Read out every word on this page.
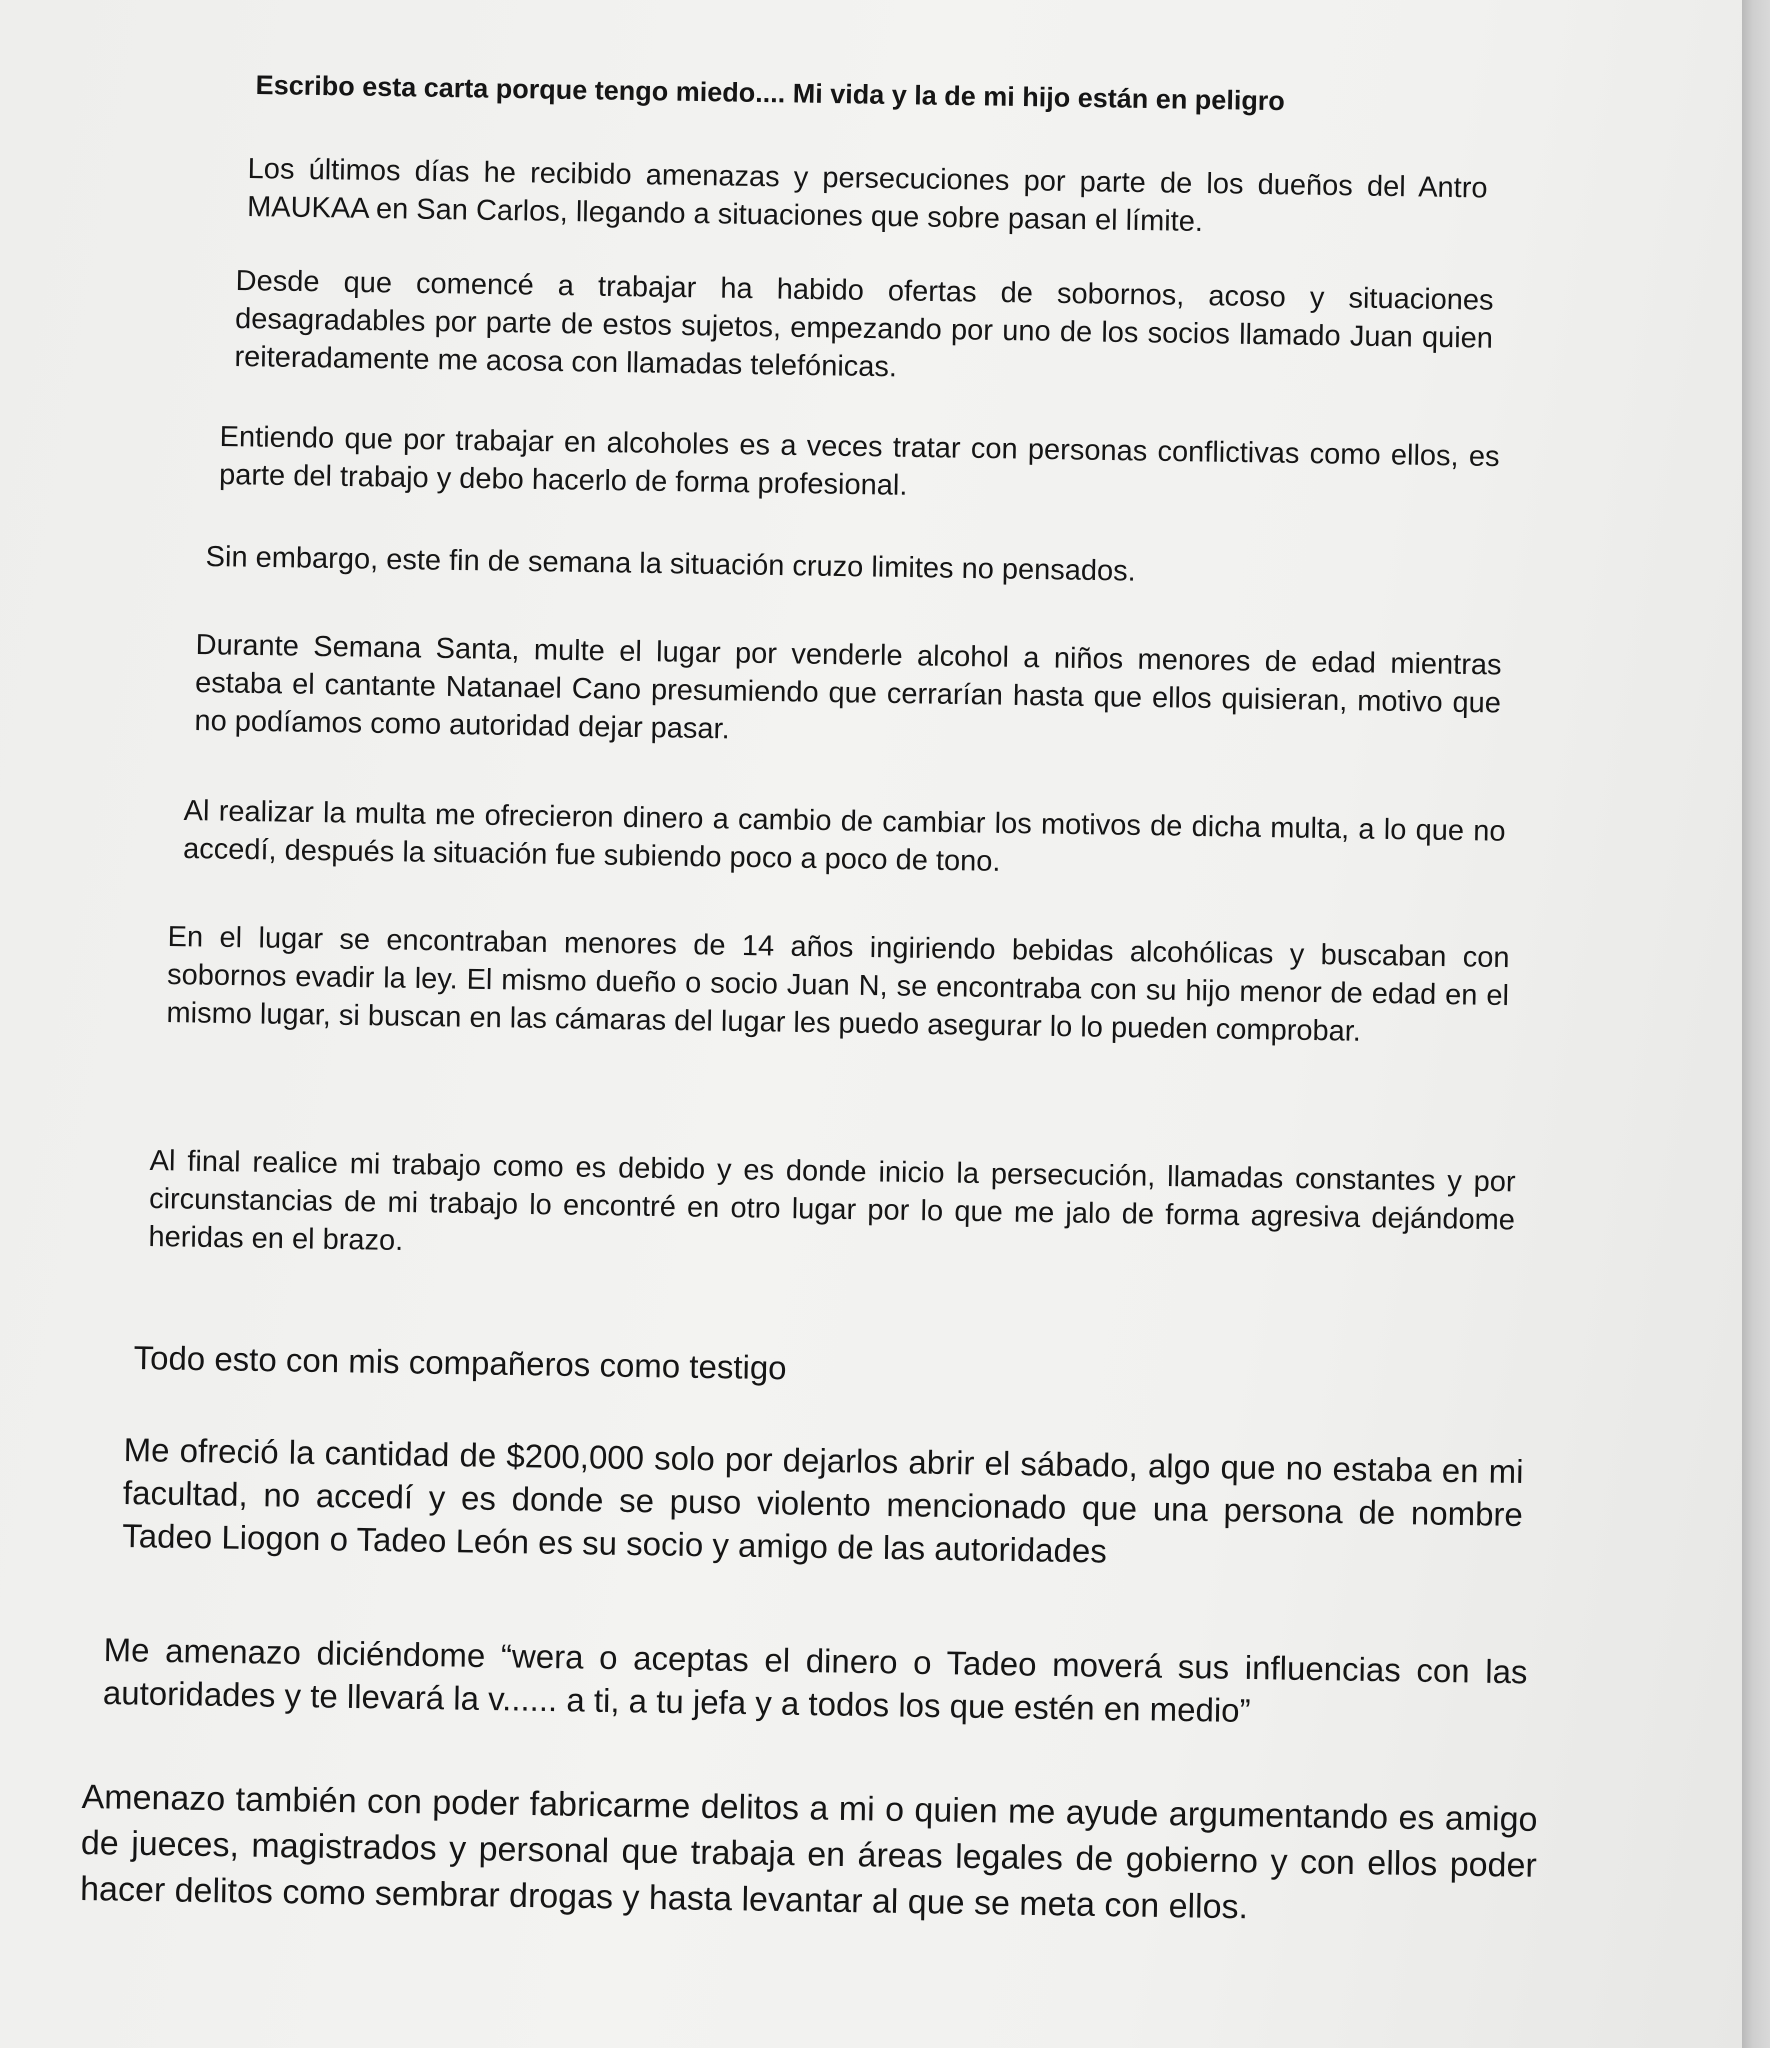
Escribo esta carta porque tengo miedo.... Mi vida y la de mi hijo están en peligro

Los últimos días he recibido amenazas y persecuciones por parte de los dueños del Antro MAUKAA en San Carlos, llegando a situaciones que sobre pasan el límite.

Desde que comencé a trabajar ha habido ofertas de sobornos, acoso y situaciones desagradables por parte de estos sujetos, empezando por uno de los socios llamado Juan quien reiteradamente me acosa con llamadas telefónicas.

Entiendo que por trabajar en alcoholes es a veces tratar con personas conflictivas como ellos, es parte del trabajo y debo hacerlo de forma profesional.

Sin embargo, este fin de semana la situación cruzo limites no pensados.

Durante Semana Santa, multe el lugar por venderle alcohol a niños menores de edad mientras estaba el cantante Natanael Cano presumiendo que cerrarían hasta que ellos quisieran, motivo que no podíamos como autoridad dejar pasar.

Al realizar la multa me ofrecieron dinero a cambio de cambiar los motivos de dicha multa, a lo que no accedí, después la situación fue subiendo poco a poco de tono.

En el lugar se encontraban menores de 14 años ingiriendo bebidas alcohólicas y buscaban con sobornos evadir la ley. El mismo dueño o socio Juan N, se encontraba con su hijo menor de edad en el mismo lugar, si buscan en las cámaras del lugar les puedo asegurar lo lo pueden comprobar.

Al final realice mi trabajo como es debido y es donde inicio la persecución, llamadas constantes y por circunstancias de mi trabajo lo encontré en otro lugar por lo que me jalo de forma agresiva dejándome heridas en el brazo.

Todo esto con mis compañeros como testigo

Me ofreció la cantidad de $200,000 solo por dejarlos abrir el sábado, algo que no estaba en mi facultad, no accedí y es donde se puso violento mencionado que una persona de nombre Tadeo Liogon o Tadeo León es su socio y amigo de las autoridades

Me amenazo diciéndome “wera o aceptas el dinero o Tadeo moverá sus influencias con las autoridades y te llevará la v...... a ti, a tu jefa y a todos los que estén en medio”

Amenazo también con poder fabricarme delitos a mi o quien me ayude argumentando es amigo de jueces, magistrados y personal que trabaja en áreas legales de gobierno y con ellos poder hacer delitos como sembrar drogas y hasta levantar al que se meta con ellos.
